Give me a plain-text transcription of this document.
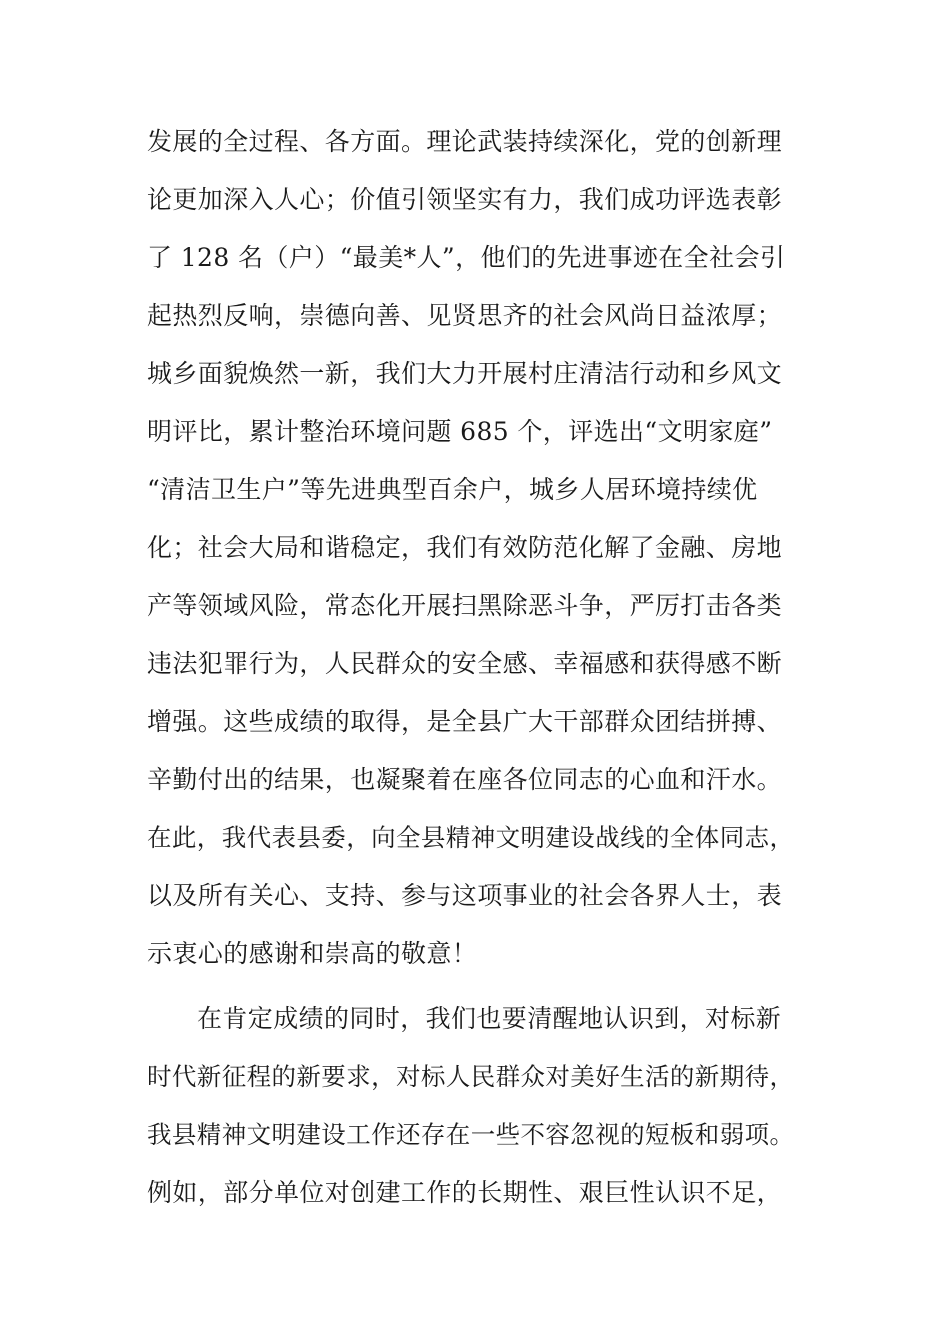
发展的全过程、各方面。理论武装持续深化，党的创新理
论更加深入人心；价值引领坚实有力，我们成功评选表彰
了 128 名（户）“最美*人”，他们的先进事迹在全社会引
起热烈反响，崇德向善、见贤思齐的社会风尚日益浓厚；
城乡面貌焕然一新，我们大力开展村庄清洁行动和乡风文
明评比，累计整治环境问题 685 个，评选出“文明家庭”
“清洁卫生户”等先进典型百余户，城乡人居环境持续优
化；社会大局和谐稳定，我们有效防范化解了金融、房地
产等领域风险，常态化开展扫黑除恶斗争，严厉打击各类
违法犯罪行为，人民群众的安全感、幸福感和获得感不断
增强。这些成绩的取得，是全县广大干部群众团结拼搏、
辛勤付出的结果，也凝聚着在座各位同志的心血和汗水。
在此，我代表县委，向全县精神文明建设战线的全体同志，
以及所有关心、支持、参与这项事业的社会各界人士，表
示衷心的感谢和崇高的敬意！
在肯定成绩的同时，我们也要清醒地认识到，对标新
时代新征程的新要求，对标人民群众对美好生活的新期待，
我县精神文明建设工作还存在一些不容忽视的短板和弱项。
例如，部分单位对创建工作的长期性、艰巨性认识不足，
